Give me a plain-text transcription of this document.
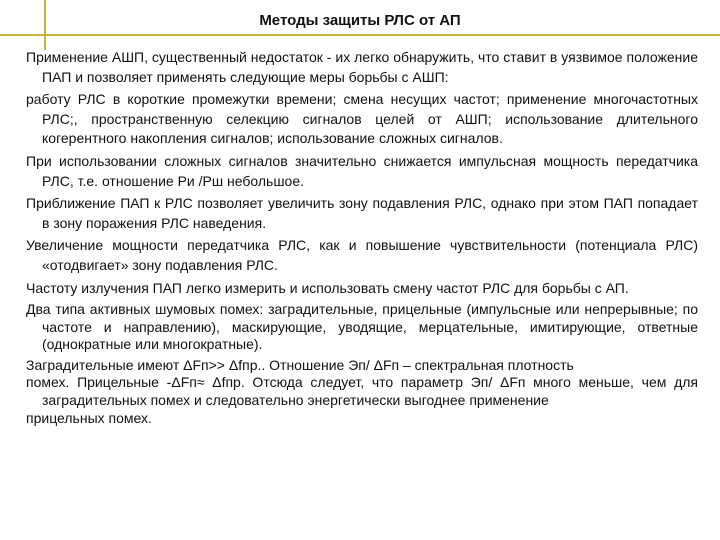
Методы защиты РЛС от АП

Применение АШП, существенный недостаток - их легко обнаружить, что ставит в уязвимое положение ПАП и позволяет применять следующие меры борьбы с АШП:

работу РЛС в короткие промежутки времени; смена несущих частот; применение многочастотных РЛС;, пространственную селекцию сигналов целей от АШП; использование длительного когерентного накопления сигналов; использование сложных сигналов.

При использовании сложных сигналов значительно снижается импульсная мощность передатчика РЛС, т.е. отношение Ри /Рш небольшое.

Приближение ПАП к РЛС позволяет увеличить зону подавления РЛС, однако при этом ПАП попадает в зону поражения РЛС наведения.

Увеличение мощности передатчика РЛС, как и повышение чувствительности (потенциала РЛС) «отодвигает» зону подавления РЛС.

Частоту излучения ПАП легко измерить и использовать смену частот РЛС для борьбы с АП.

Два типа активных шумовых помех: заградительные, прицельные (импульсные или непрерывные; по частоте и направлению), маскирующие, уводящие, мерцательные, имитирующие, ответные (однократные или многократные).

Заградительные имеют ΔFп>> Δfпр.. Отношение Эп/ ΔFп – спектральная плотность

помех. Прицельные -ΔFп≈ Δfпр. Отсюда следует, что параметр Эп/ ΔFп много меньше, чем для заградительных помех и следовательно энергетически выгоднее применение

прицельных помех.
